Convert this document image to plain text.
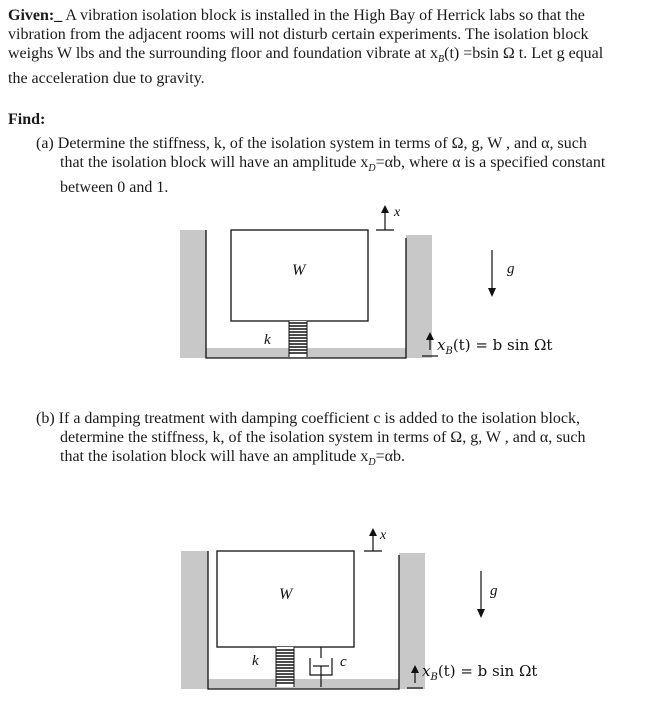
Given:_ A vibration isolation block is installed in the High Bay of Herrick labs so that the
vibration from the adjacent rooms will not disturb certain experiments. The isolation block
weighs W lbs and the surrounding floor and foundation vibrate at $x_B(t) =bsin$ Ω t. Let g equal
the acceleration due to gravity.
Find:
(a) Determine the stiffness, k, of the isolation system in terms of Ω, g, W , and α, such

that the isolation block will have an amplitude $x_D=\alpha b$, where α is a specified constant
between 0 and 1.
W
k
x
g
$x_B(t) = b$ sin Ωt
(b) If a damping treatment with damping coefficient c is added to the isolation block,

determine the stiffness, k, of the isolation system in terms of Ω, g, W , and α, such
that the isolation block will have an amplitude $x_D=\alpha b$.
W
k	c
x
g
$x_B(t) = b$ sin Ωt
